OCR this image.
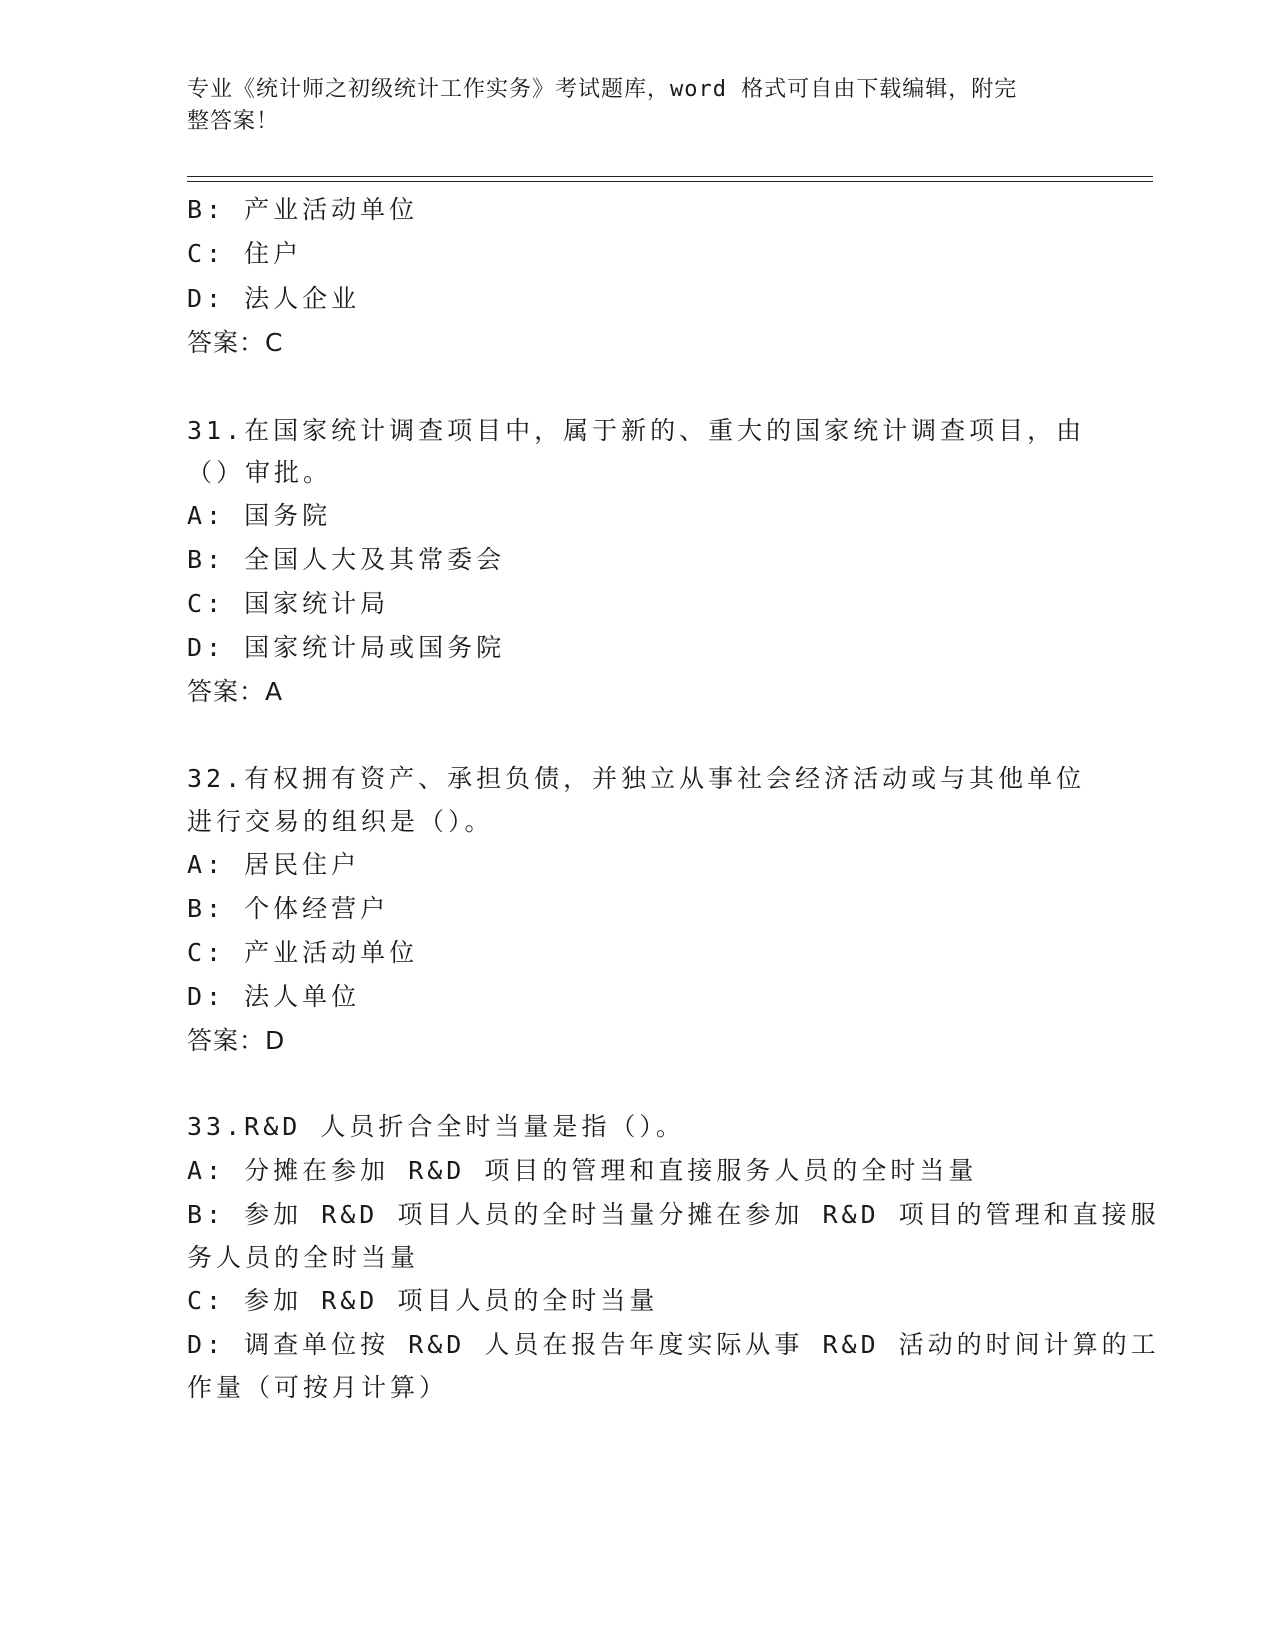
专业《统计师之初级统计工作实务》考试题库，word 格式可自由下载编辑，附完
整答案！
B: 产业活动单位
C: 住户
D: 法人企业
答案：C
31.在国家统计调查项目中，属于新的、重大的国家统计调查项目，由
（）审批。
A: 国务院
B: 全国人大及其常委会
C: 国家统计局
D: 国家统计局或国务院
答案：A
32.有权拥有资产、承担负债，并独立从事社会经济活动或与其他单位
进行交易的组织是（）。
A: 居民住户
B: 个体经营户
C: 产业活动单位
D: 法人单位
答案：D
33.R&D 人员折合全时当量是指（）。
A: 分摊在参加 R&D 项目的管理和直接服务人员的全时当量
B: 参加 R&D 项目人员的全时当量分摊在参加 R&D 项目的管理和直接服
务人员的全时当量
C: 参加 R&D 项目人员的全时当量
D: 调查单位按 R&D 人员在报告年度实际从事 R&D 活动的时间计算的工
作量（可按月计算）
